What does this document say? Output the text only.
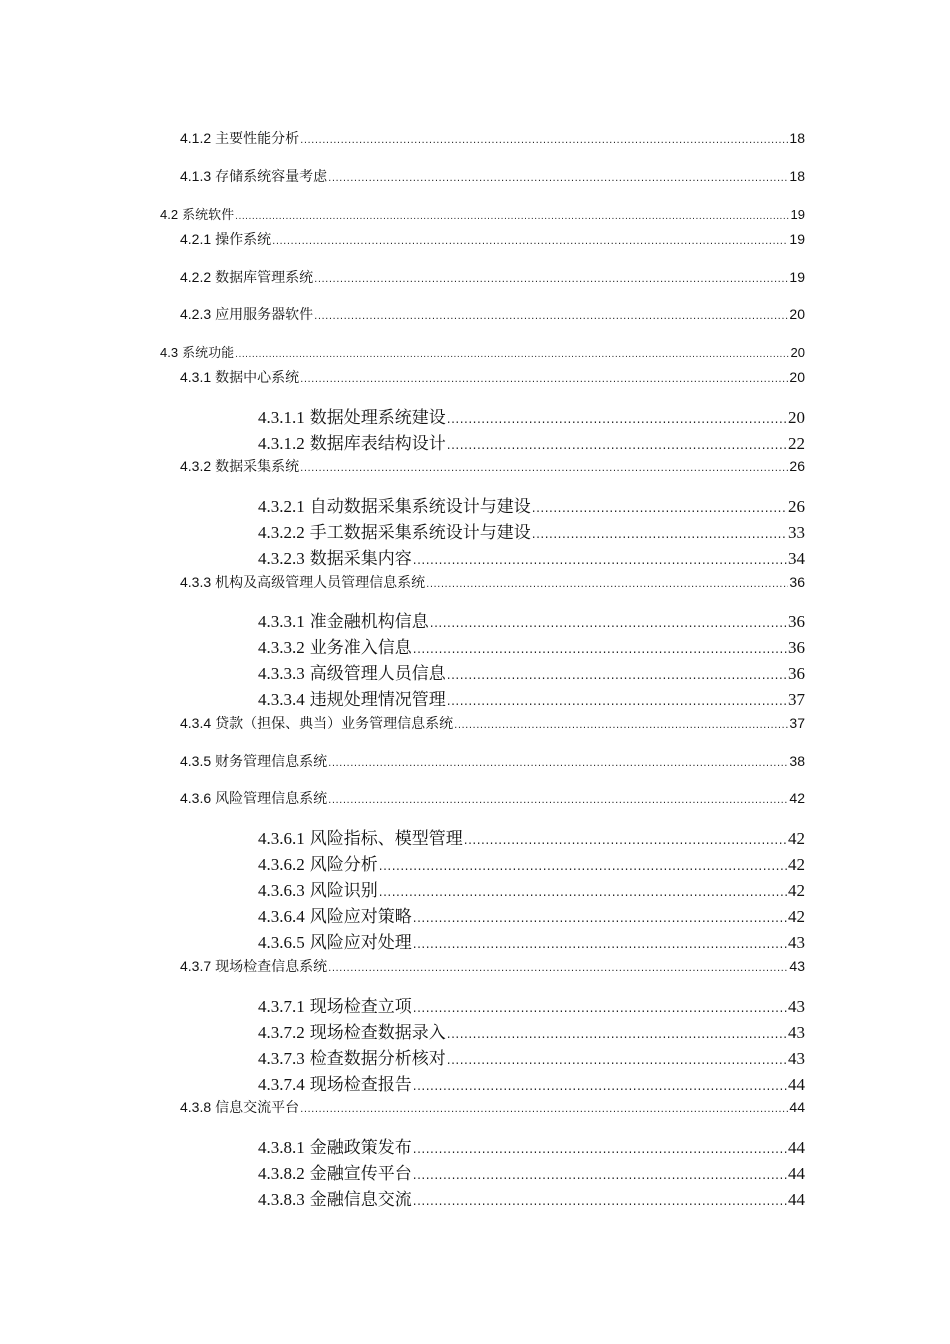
4.1.2 主要性能分析 .....	18
4.1.3 存储系统容量考虑 .....	18
4.2 系统软件 .....	19
4.2.1 操作系统 .....	19
4.2.2 数据库管理系统 .....	19
4.2.3 应用服务器软件 .....	20
4.3 系统功能 .....	20
4.3.1 数据中心系统 .....	20
4.3.1.1 数据处理系统建设 .....	20
4.3.1.2 数据库表结构设计 .....	22
4.3.2 数据采集系统 .....	26
4.3.2.1 自动数据采集系统设计与建设 .....	26
4.3.2.2 手工数据采集系统设计与建设 .....	33
4.3.2.3 数据采集内容 .....	34
4.3.3 机构及高级管理人员管理信息系统 .....	36
4.3.3.1 准金融机构信息 .....	36
4.3.3.2 业务准入信息 .....	36
4.3.3.3 高级管理人员信息 .....	36
4.3.3.4 违规处理情况管理 .....	37
4.3.4 贷款（担保、典当）业务管理信息系统 .....	37
4.3.5 财务管理信息系统 .....	38
4.3.6 风险管理信息系统 .....	42
4.3.6.1 风险指标、模型管理 .....	42
4.3.6.2 风险分析 .....	42
4.3.6.3 风险识别 .....	42
4.3.6.4 风险应对策略 .....	42
4.3.6.5 风险应对处理 .....	43
4.3.7 现场检查信息系统 .....	43
4.3.7.1 现场检查立项 .....	43
4.3.7.2 现场检查数据录入 .....	43
4.3.7.3 检查数据分析核对 .....	43
4.3.7.4 现场检查报告 .....	44
4.3.8 信息交流平台 .....	44
4.3.8.1 金融政策发布 .....	44
4.3.8.2 金融宣传平台 .....	44
4.3.8.3 金融信息交流 .....	44
